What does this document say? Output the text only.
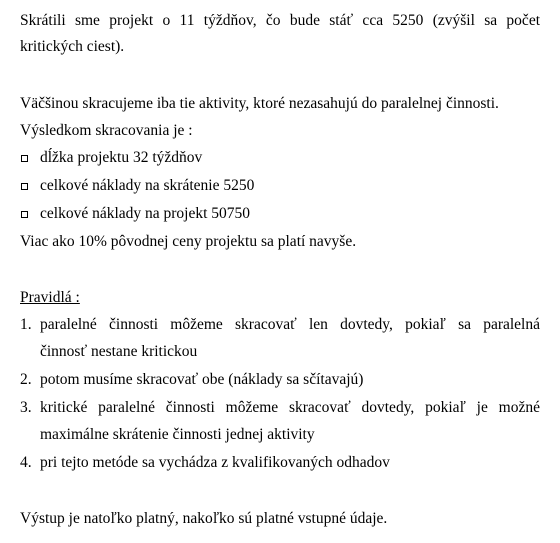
Skrátili sme projekt o 11 týždňov, čo bude stáť cca 5250 (zvýšil sa počet
kritických ciest).
Väčšinou skracujeme iba tie aktivity, ktoré nezasahujú do paralelnej činnosti.
Výsledkom skracovania je :
dĺžka projektu 32 týždňov
celkové náklady na skrátenie 5250
celkové náklady na projekt 50750
Viac ako 10% pôvodnej ceny projektu sa platí navyše.
Pravidlá :
1. paralelné činnosti môžeme skracovať len dovtedy, pokiaľ sa paralelná
činnosť nestane kritickou
2. potom musíme skracovať obe (náklady sa sčítavajú)
3. kritické paralelné činnosti môžeme skracovať dovtedy, pokiaľ je možné
maximálne skrátenie činnosti jednej aktivity
4. pri tejto metóde sa vychádza z kvalifikovaných odhadov
Výstup je natoľko platný, nakoľko sú platné vstupné údaje.
